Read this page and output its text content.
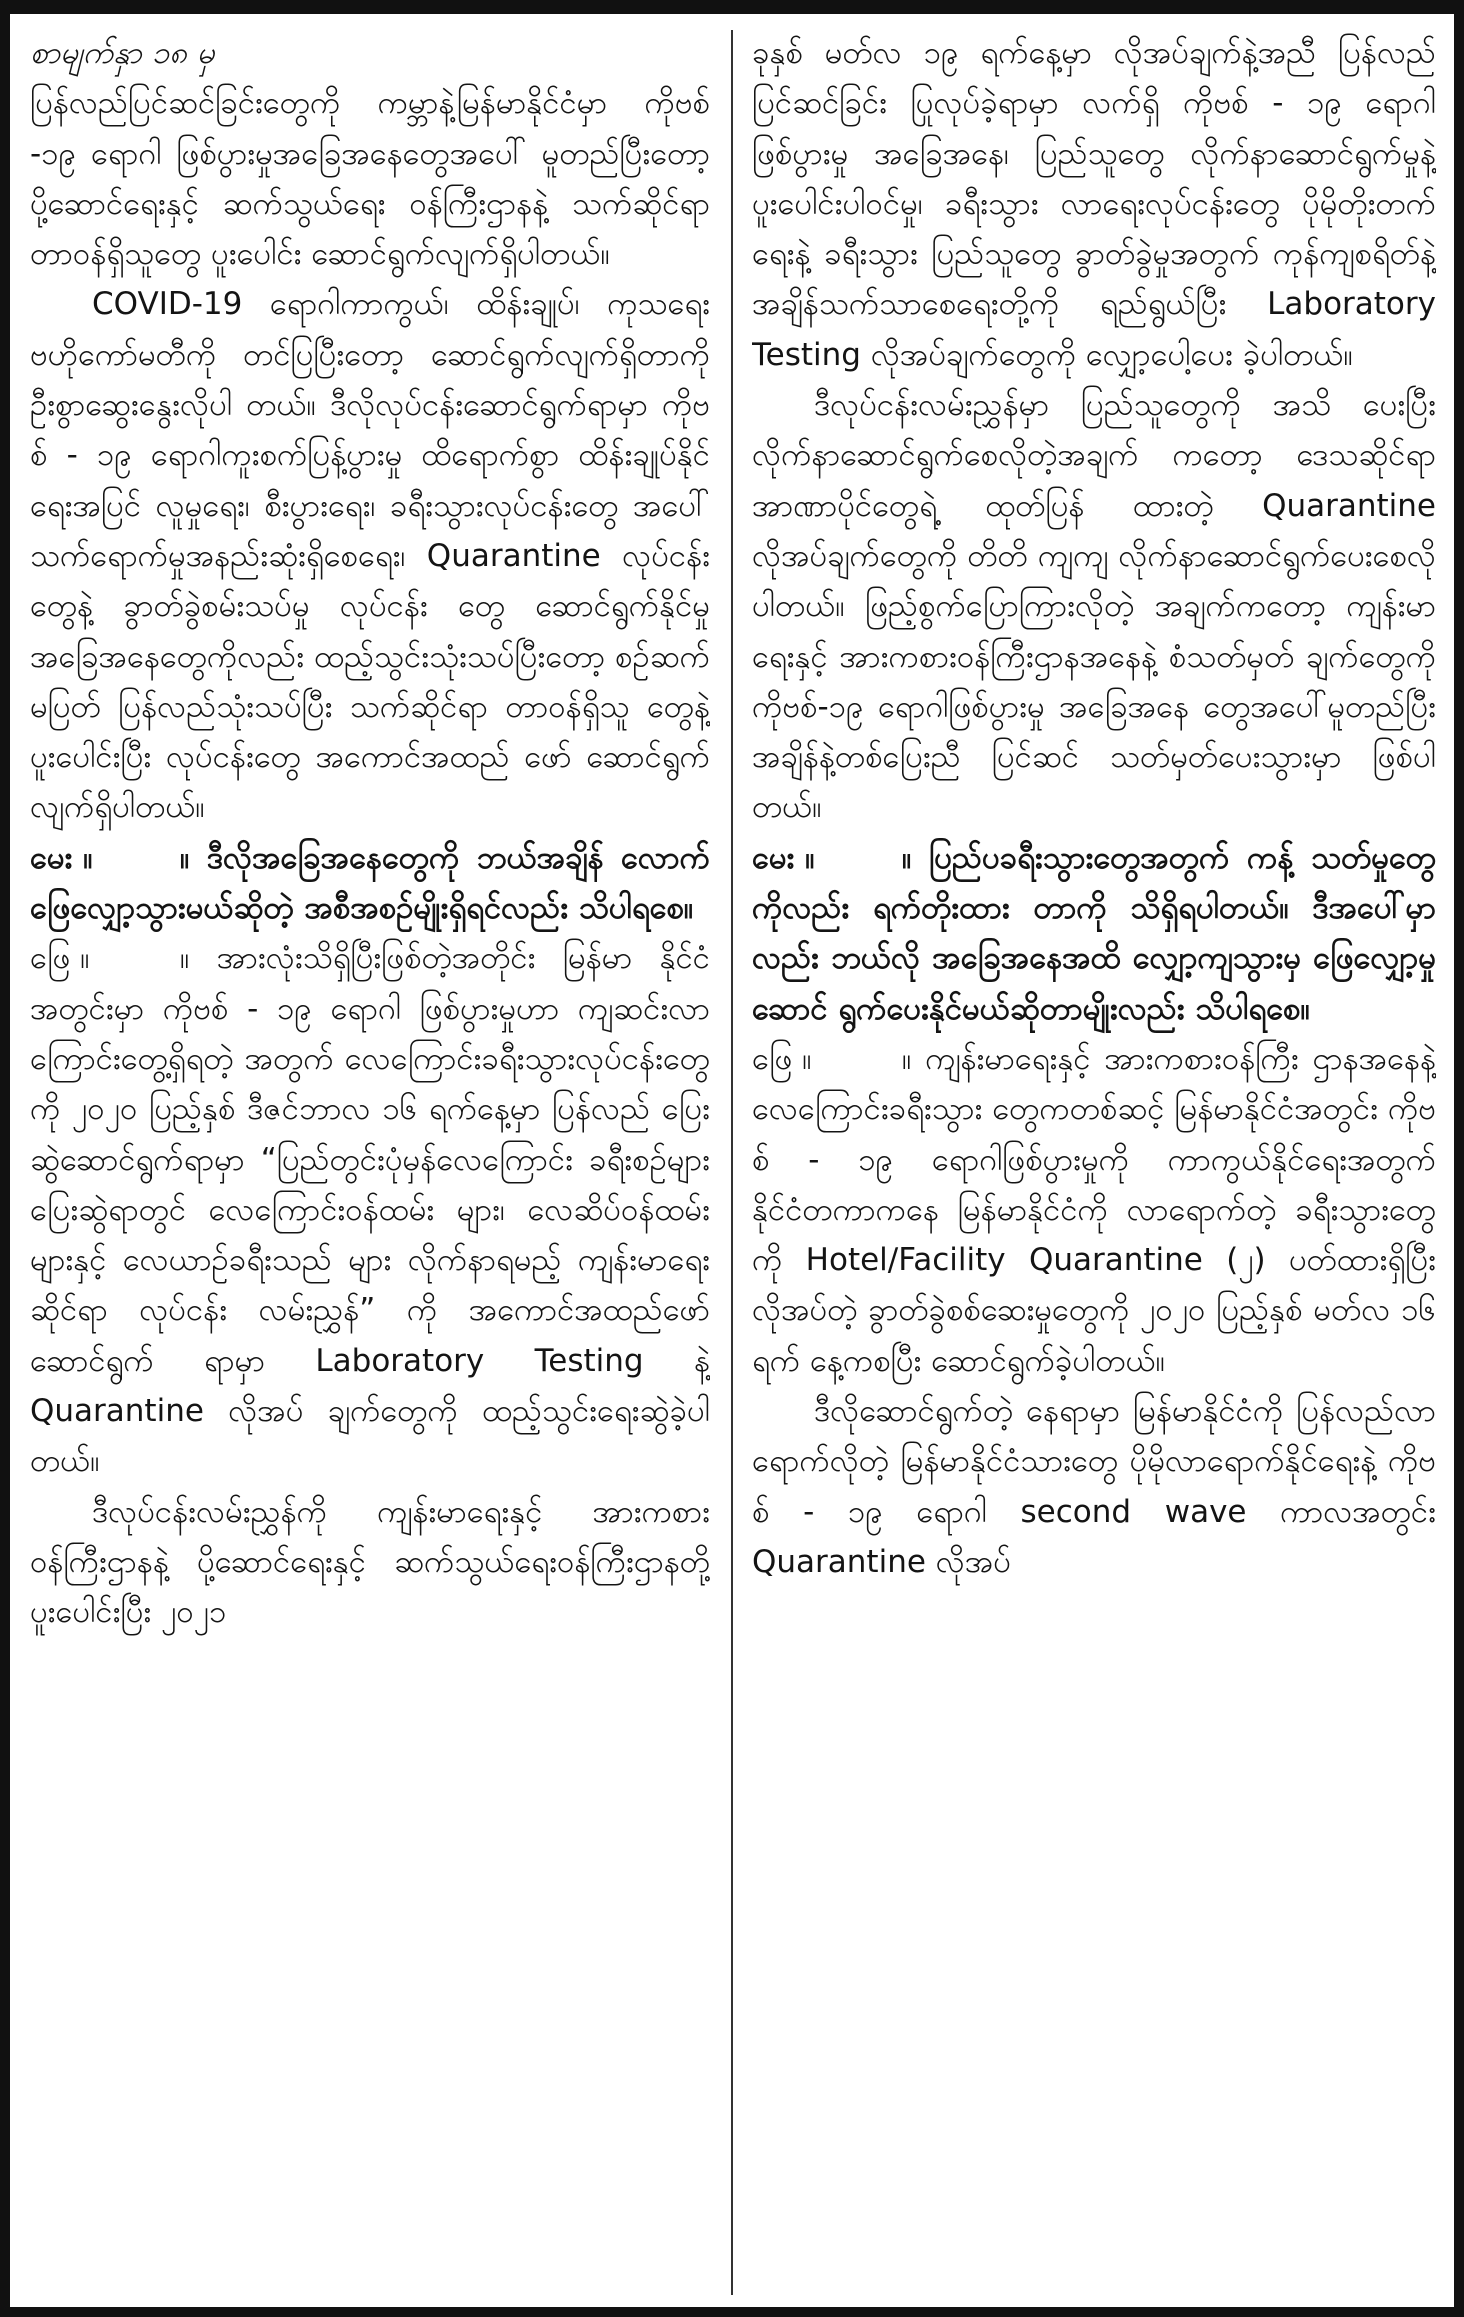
စာမျက်နှာ ၁၈ မှ

ပြန်လည်ပြင်ဆင်ခြင်းတွေကို ကမ္ဘာနဲ့မြန်မာနိုင်ငံမှာ ကိုဗစ် -၁၉ ရောဂါ ဖြစ်ပွားမှုအခြေအနေတွေအပေါ် မူတည်ပြီးတော့ ပို့ဆောင်ရေးနှင့် ဆက်သွယ်ရေး ဝန်ကြီးဌာနနဲ့ သက်ဆိုင်ရာတာဝန်ရှိသူတွေ ပူးပေါင်း ဆောင်ရွက်လျက်ရှိပါတယ်။

COVID-19 ရောဂါကာကွယ်၊ ထိန်းချုပ်၊ ကုသရေး ဗဟိုကော်မတီကို တင်ပြပြီးတော့ ဆောင်ရွက်လျက်ရှိတာကို ဦးစွာဆွေးနွေးလိုပါ တယ်။ ဒီလိုလုပ်ငန်းဆောင်ရွက်ရာမှာ ကိုဗစ် - ၁၉ ရောဂါကူးစက်ပြန့်ပွားမှု ထိရောက်စွာ ထိန်းချုပ်နိုင် ရေးအပြင် လူမှုရေး၊ စီးပွားရေး၊ ခရီးသွားလုပ်ငန်းတွေ အပေါ် သက်ရောက်မှုအနည်းဆုံးရှိစေရေး၊ Quarantine လုပ်ငန်းတွေနဲ့ ခွာတ်ခွဲစမ်းသပ်မှု လုပ်ငန်း တွေ ဆောင်ရွက်နိုင်မှုအခြေအနေတွေကိုလည်း ထည့်သွင်းသုံးသပ်ပြီးတော့ စဉ်ဆက်မပြတ် ပြန်လည်သုံးသပ်ပြီး သက်ဆိုင်ရာ တာဝန်ရှိသူ တွေနဲ့ပူးပေါင်းပြီး လုပ်ငန်းတွေ အကောင်အထည် ဖော် ဆောင်ရွက်လျက်ရှိပါတယ်။

မေး ။	။ ဒီလိုအခြေအနေတွေကို ဘယ်အချိန် လောက် ဖြေလျှော့သွားမယ်ဆိုတဲ့ အစီအစဉ်မျိုးရှိရင်လည်း သိပါရစေ။

ဖြေ ။	။ အားလုံးသိရှိပြီးဖြစ်တဲ့အတိုင်း မြန်မာ နိုင်ငံအတွင်းမှာ ကိုဗစ် - ၁၉ ရောဂါ ဖြစ်ပွားမှုဟာ ကျဆင်းလာကြောင်းတွေ့ရှိရတဲ့ အတွက် လေကြောင်းခရီးသွားလုပ်ငန်းတွေကို ၂၀၂၀ ပြည့်နှစ် ဒီဇင်ဘာလ ၁၆ ရက်နေ့မှာ ပြန်လည် ပြေးဆွဲဆောင်ရွက်ရာမှာ “ပြည်တွင်းပုံမှန်လေကြောင်း ခရီးစဉ်များ ပြေးဆွဲရာတွင် လေကြောင်းဝန်ထမ်း များ၊ လေဆိပ်ဝန်ထမ်းများနှင့် လေယာဉ်ခရီးသည် များ လိုက်နာရမည့် ကျန်းမာရေးဆိုင်ရာ လုပ်ငန်း လမ်းညွှန်” ကို အကောင်အထည်ဖော် ဆောင်ရွက် ရာမှာ Laboratory Testing နဲ့ Quarantine လိုအပ် ချက်တွေကို ထည့်သွင်းရေးဆွဲခဲ့ပါတယ်။

ဒီလုပ်ငန်းလမ်းညွှန်ကို ကျန်းမာရေးနှင့် အားကစားဝန်ကြီးဌာနနဲ့ ပို့ဆောင်ရေးနှင့် ဆက်သွယ်ရေးဝန်ကြီးဌာနတို့ပူးပေါင်းပြီး ၂၀၂၁

ခုနှစ် မတ်လ ၁၉ ရက်နေ့မှာ လိုအပ်ချက်နဲ့အညီ ပြန်လည်ပြင်ဆင်ခြင်း ပြုလုပ်ခဲ့ရာမှာ လက်ရှိ ကိုဗစ် - ၁၉ ရောဂါ ဖြစ်ပွားမှု အခြေအနေ၊ ပြည်သူတွေ လိုက်နာဆောင်ရွက်မှုနဲ့ ပူးပေါင်းပါဝင်မှု၊ ခရီးသွား လာရေးလုပ်ငန်းတွေ ပိုမိုတိုးတက်ရေးနဲ့ ခရီးသွား ပြည်သူတွေ ခွာတ်ခွဲမှုအတွက် ကုန်ကျစရိတ်နဲ့ အချိန်သက်သာစေရေးတို့ကို ရည်ရွယ်ပြီး Laboratory Testing လိုအပ်ချက်တွေကို လျှော့ပေါ့ပေး ခဲ့ပါတယ်။

ဒီလုပ်ငန်းလမ်းညွှန်မှာ ပြည်သူတွေကို အသိ ပေးပြီး လိုက်နာဆောင်ရွက်စေလိုတဲ့အချက် ကတော့ ဒေသဆိုင်ရာအာဏာပိုင်တွေရဲ့ ထုတ်ပြန် ထားတဲ့ Quarantine လိုအပ်ချက်တွေကို တိတိ ကျကျ လိုက်နာဆောင်ရွက်ပေးစေလိုပါတယ်။ ဖြည့်စွက်ပြောကြားလိုတဲ့ အချက်ကတော့ ကျန်းမာ ရေးနှင့် အားကစားဝန်ကြီးဌာနအနေနဲ့ စံသတ်မှတ် ချက်တွေကို ကိုဗစ်-၁၉ ရောဂါဖြစ်ပွားမှု အခြေအနေ တွေအပေါ်မူတည်ပြီး အချိန်နဲ့တစ်ပြေးညီ ပြင်ဆင် သတ်မှတ်ပေးသွားမှာ ဖြစ်ပါတယ်။

မေး ။	။ ပြည်ပခရီးသွားတွေအတွက် ကန့် သတ်မှုတွေကိုလည်း ရက်တိုးထား တာကို သိရှိရပါတယ်။ ဒီအပေါ်မှာလည်း ဘယ်လို အခြေအနေအထိ လျှော့ကျသွားမှ ဖြေလျှော့မှု ဆောင် ရွက်ပေးနိုင်မယ်ဆိုတာမျိုးလည်း သိပါရစေ။

ဖြေ ။	။ ကျန်းမာရေးနှင့် အားကစားဝန်ကြီး ဌာနအနေနဲ့ လေကြောင်းခရီးသွား တွေကတစ်ဆင့် မြန်မာနိုင်ငံအတွင်း ကိုဗစ် - ၁၉ ရောဂါဖြစ်ပွားမှုကို ကာကွယ်နိုင်ရေးအတွက် နိုင်ငံတကာကနေ မြန်မာနိုင်ငံကို လာရောက်တဲ့ ခရီးသွားတွေကို Hotel/Facility Quarantine (၂) ပတ်ထားရှိပြီး လိုအပ်တဲ့ ခွာတ်ခွဲစစ်ဆေးမှုတွေကို ၂၀၂၀ ပြည့်နှစ် မတ်လ ၁၆ ရက် နေ့ကစပြီး ဆောင်ရွက်ခဲ့ပါတယ်။

ဒီလိုဆောင်ရွက်တဲ့ နေရာမှာ မြန်မာနိုင်ငံကို ပြန်လည်လာရောက်လိုတဲ့ မြန်မာနိုင်ငံသားတွေ ပိုမိုလာရောက်နိုင်ရေးနဲ့ ကိုဗစ် - ၁၉ ရောဂါ second wave ကာလအတွင်း Quarantine လိုအပ်
